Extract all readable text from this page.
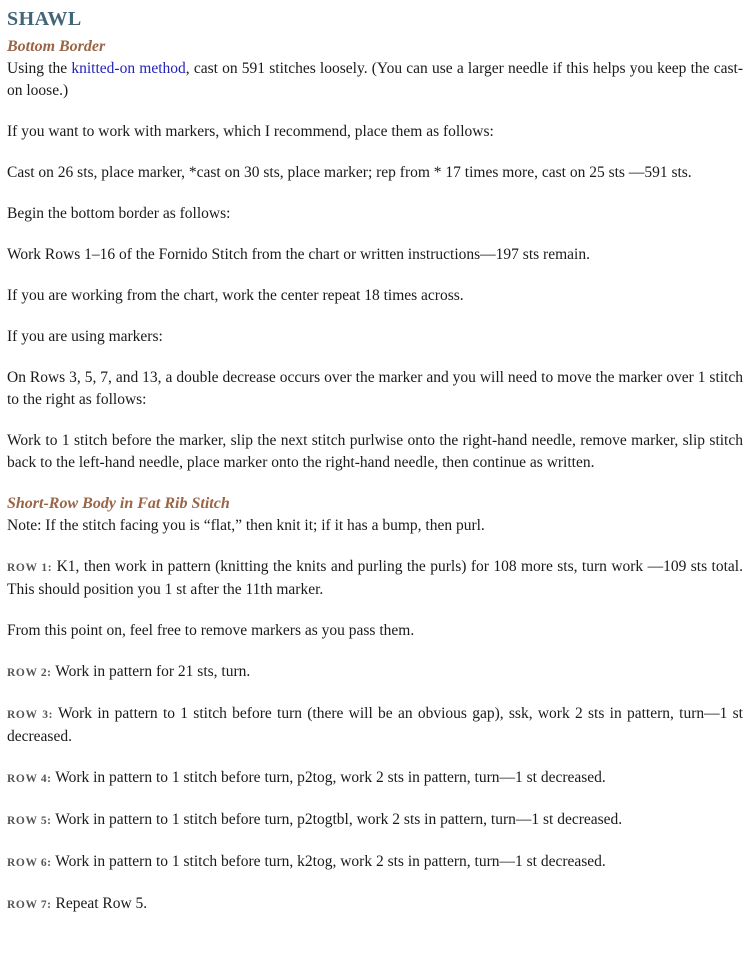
SHAWL
Bottom Border

Using the knitted-on method, cast on 591 stitches loosely. (You can use a larger needle if this helps you keep the cast-on loose.)

If you want to work with markers, which I recommend, place them as follows:

Cast on 26 sts, place marker, *cast on 30 sts, place marker; rep from * 17 times more, cast on 25 sts —591 sts.

Begin the bottom border as follows:

Work Rows 1–16 of the Fornido Stitch from the chart or written instructions—197 sts remain.

If you are working from the chart, work the center repeat 18 times across.

If you are using markers:

On Rows 3, 5, 7, and 13, a double decrease occurs over the marker and you will need to move the marker over 1 stitch to the right as follows:

Work to 1 stitch before the marker, slip the next stitch purlwise onto the right-hand needle, remove marker, slip stitch back to the left-hand needle, place marker onto the right-hand needle, then continue as written.

Short-Row Body in Fat Rib Stitch

Note: If the stitch facing you is “flat,” then knit it; if it has a bump, then purl.

ROW 1: K1, then work in pattern (knitting the knits and purling the purls) for 108 more sts, turn work —109 sts total. This should position you 1 st after the 11th marker.

From this point on, feel free to remove markers as you pass them.

ROW 2: Work in pattern for 21 sts, turn.

ROW 3: Work in pattern to 1 stitch before turn (there will be an obvious gap), ssk, work 2 sts in pattern, turn—1 st decreased.

ROW 4: Work in pattern to 1 stitch before turn, p2tog, work 2 sts in pattern, turn—1 st decreased.

ROW 5: Work in pattern to 1 stitch before turn, p2togtbl, work 2 sts in pattern, turn—1 st decreased.

ROW 6: Work in pattern to 1 stitch before turn, k2tog, work 2 sts in pattern, turn—1 st decreased.

ROW 7: Repeat Row 5.
